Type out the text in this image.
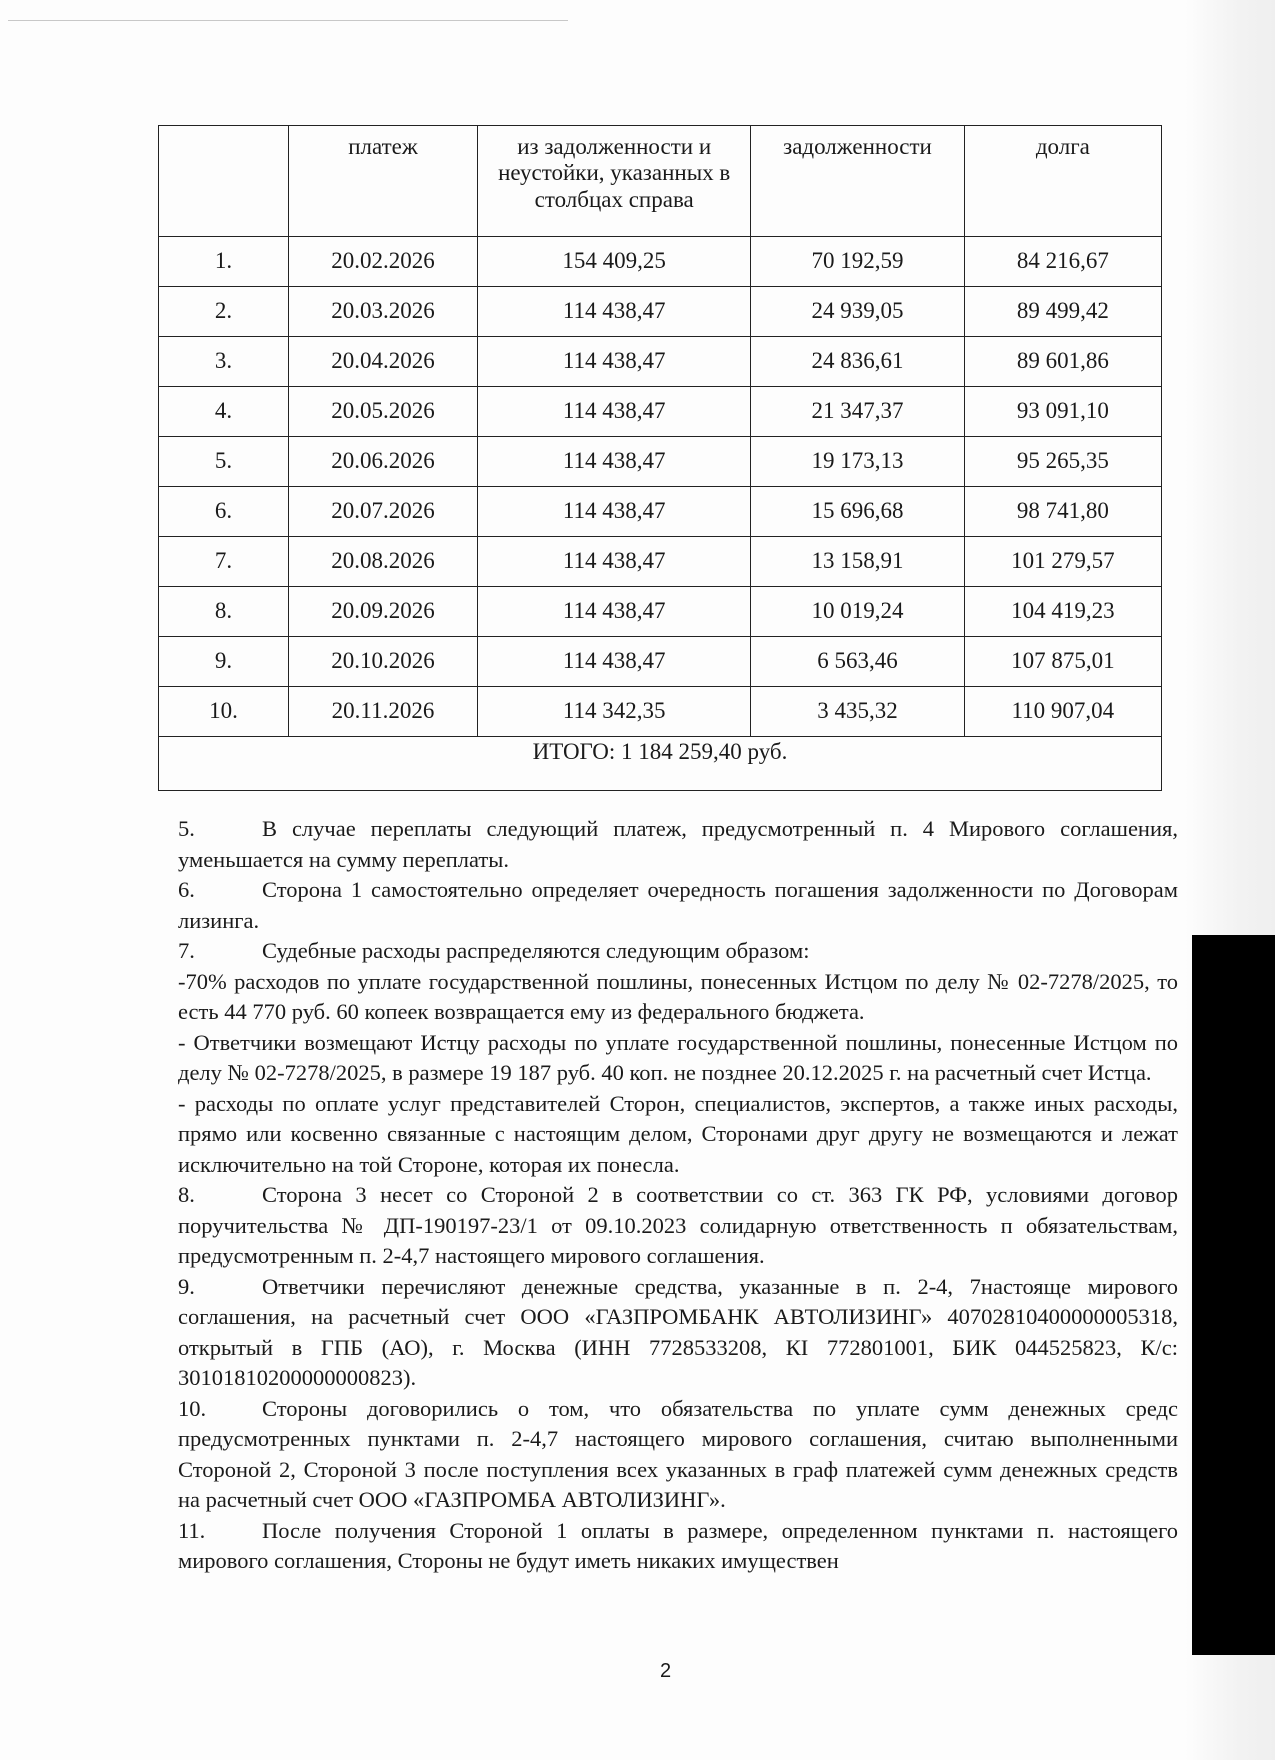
	платеж	из задолженности и неустойки, указанных в столбцах справа	задолженности	долга
1.	20.02.2026	154 409,25	70 192,59	84 216,67
2.	20.03.2026	114 438,47	24 939,05	89 499,42
3.	20.04.2026	114 438,47	24 836,61	89 601,86
4.	20.05.2026	114 438,47	21 347,37	93 091,10
5.	20.06.2026	114 438,47	19 173,13	95 265,35
6.	20.07.2026	114 438,47	15 696,68	98 741,80
7.	20.08.2026	114 438,47	13 158,91	101 279,57
8.	20.09.2026	114 438,47	10 019,24	104 419,23
9.	20.10.2026	114 438,47	6 563,46	107 875,01
10.	20.11.2026	114 342,35	3 435,32	110 907,04
ИТОГО: 1 184 259,40 руб.				

5.	В случае переплаты следующий платеж, предусмотренный п. 4 Мирового соглашения, уменьшается на сумму переплаты.

6.	Сторона 1 самостоятельно определяет очередность погашения задолженности по Договорам лизинга.

7.	Судебные расходы распределяются следующим образом:

-70% расходов по уплате государственной пошлины, понесенных Истцом по делу № 02-7278/2025, то есть 44 770 руб. 60 копеек возвращается ему из федерального бюджета.

- Ответчики возмещают Истцу расходы по уплате государственной пошлины, понесенные Истцом по делу № 02-7278/2025, в размере 19 187 руб. 40 коп. не позднее 20.12.2025 г. на расчетный счет Истца.

- расходы по оплате услуг представителей Сторон, специалистов, экспертов, а также иных расходы, прямо или косвенно связанные с настоящим делом, Сторонами друг другу не возмещаются и лежат исключительно на той Стороне, которая их понесла.

8.	Сторона 3 несет со Стороной 2 в соответствии со ст. 363 ГК РФ, условиями договор поручительства № ДП-190197-23/1 от 09.10.2023 солидарную ответственность п обязательствам, предусмотренным п. 2-4,7 настоящего мирового соглашения.

9.	Ответчики перечисляют денежные средства, указанные в п. 2-4, 7настояще мирового соглашения, на расчетный счет ООО «ГАЗПРОМБАНК АВТОЛИЗИНГ» 40702810400000005318, открытый в ГПБ (АО), г. Москва (ИНН 7728533208, КІ 772801001, БИК 044525823, К/с: 30101810200000000823).

10. Стороны договорились о том, что обязательства по уплате сумм денежных средс предусмотренных пунктами п. 2-4,7 настоящего мирового соглашения, считаю выполненными Стороной 2, Стороной 3 после поступления всех указанных в граф платежей сумм денежных средств на расчетный счет ООО «ГАЗПРОМБА АВТОЛИЗИНГ».

11.	После получения Стороной 1 оплаты в размере, определенном пунктами п. настоящего мирового соглашения, Стороны не будут иметь никаких имуществен

2
